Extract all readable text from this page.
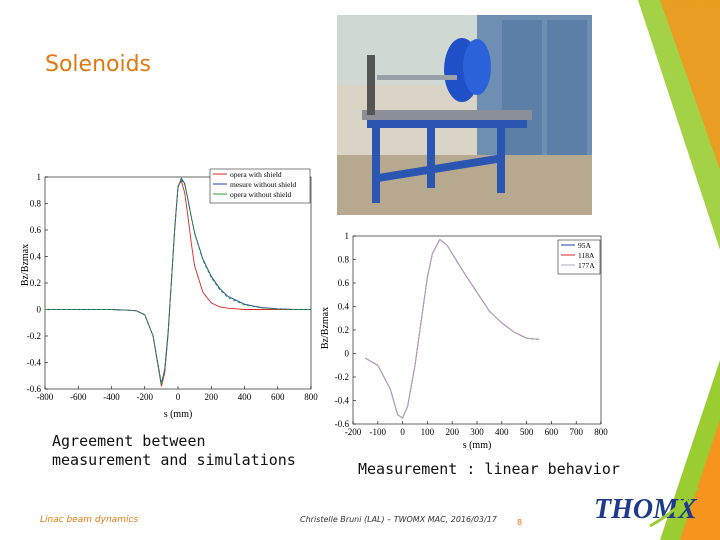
Solenoids
-800 -600 -400 -200	0	200 400 600 800
-0.6
-0.4
-0.2
0
0.2
0.4
0.6
0.8
1
s (mm)
Bz/Bzmax
opera with shield
mesure without shield
opera without shield
-200 -100 0 100 200 300 400 500 600 700 800
-0.6
-0.4
-0.2
0
0.2
0.4
0.6
0.8
1
s (mm)
Bz/Bzmax
95A
118A
177A
Agreement between
measurement and simulations	Measurement : linear behavior
Linac beam dynamics	Christelle Bruni (LAL) – TWOMX MAC, 2016/03/17	8	THOMX
